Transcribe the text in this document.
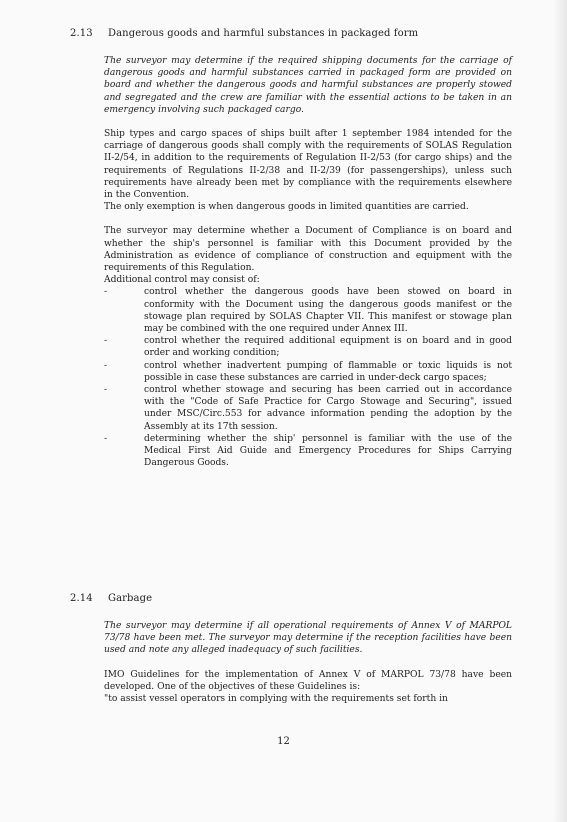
2.13	Dangerous goods and harmful substances in packaged form

The surveyor may determine if the required shipping documents for the carriage of dangerous goods and harmful substances carried in packaged form are provided on board and whether the dangerous goods and harmful substances are properly stowed and segregated and the crew are familiar with the essential actions to be taken in an emergency involving such packaged cargo.

Ship types and cargo spaces of ships built after 1 september 1984 intended for the carriage of dangerous goods shall comply with the requirements of SOLAS Regulation II-2/54, in addition to the requirements of Regulation II-2/53 (for cargo ships) and the requirements of Regulations II-2/38 and II-2/39 (for passengerships), unless such requirements have already been met by compliance with the requirements elsewhere in the Convention.

The only exemption is when dangerous goods in limited quantities are carried.

The surveyor may determine whether a Document of Compliance is on board and whether the ship's personnel is familiar with this Document provided by the Administration as evidence of compliance of construction and equipment with the requirements of this Regulation.

Additional control may consist of:

-	control whether the dangerous goods have been stowed on board in conformity with the Document using the dangerous goods manifest or the stowage plan required by SOLAS Chapter VII. This manifest or stowage plan may be combined with the one required under Annex III.
-	control whether the required additional equipment is on board and in good order and working condition;
-	control whether inadvertent pumping of flammable or toxic liquids is not possible in case these substances are carried in under-deck cargo spaces;
-	control whether stowage and securing has been carried out in accordance with the "Code of Safe Practice for Cargo Stowage and Securing", issued under MSC/Circ.553 for advance information pending the adoption by the Assembly at its 17th session.
-	determining whether the ship' personnel is familiar with the use of the Medical First Aid Guide and Emergency Procedures for Ships Carrying Dangerous Goods.
2.14	Garbage

The surveyor may determine if all operational requirements of Annex V of MARPOL 73/78 have been met. The surveyor may determine if the reception facilities have been used and note any alleged inadequacy of such facilities.

IMO Guidelines for the implementation of Annex V of MARPOL 73/78 have been developed. One of the objectives of these Guidelines is:

"to assist vessel operators in complying with the requirements set forth in

12
